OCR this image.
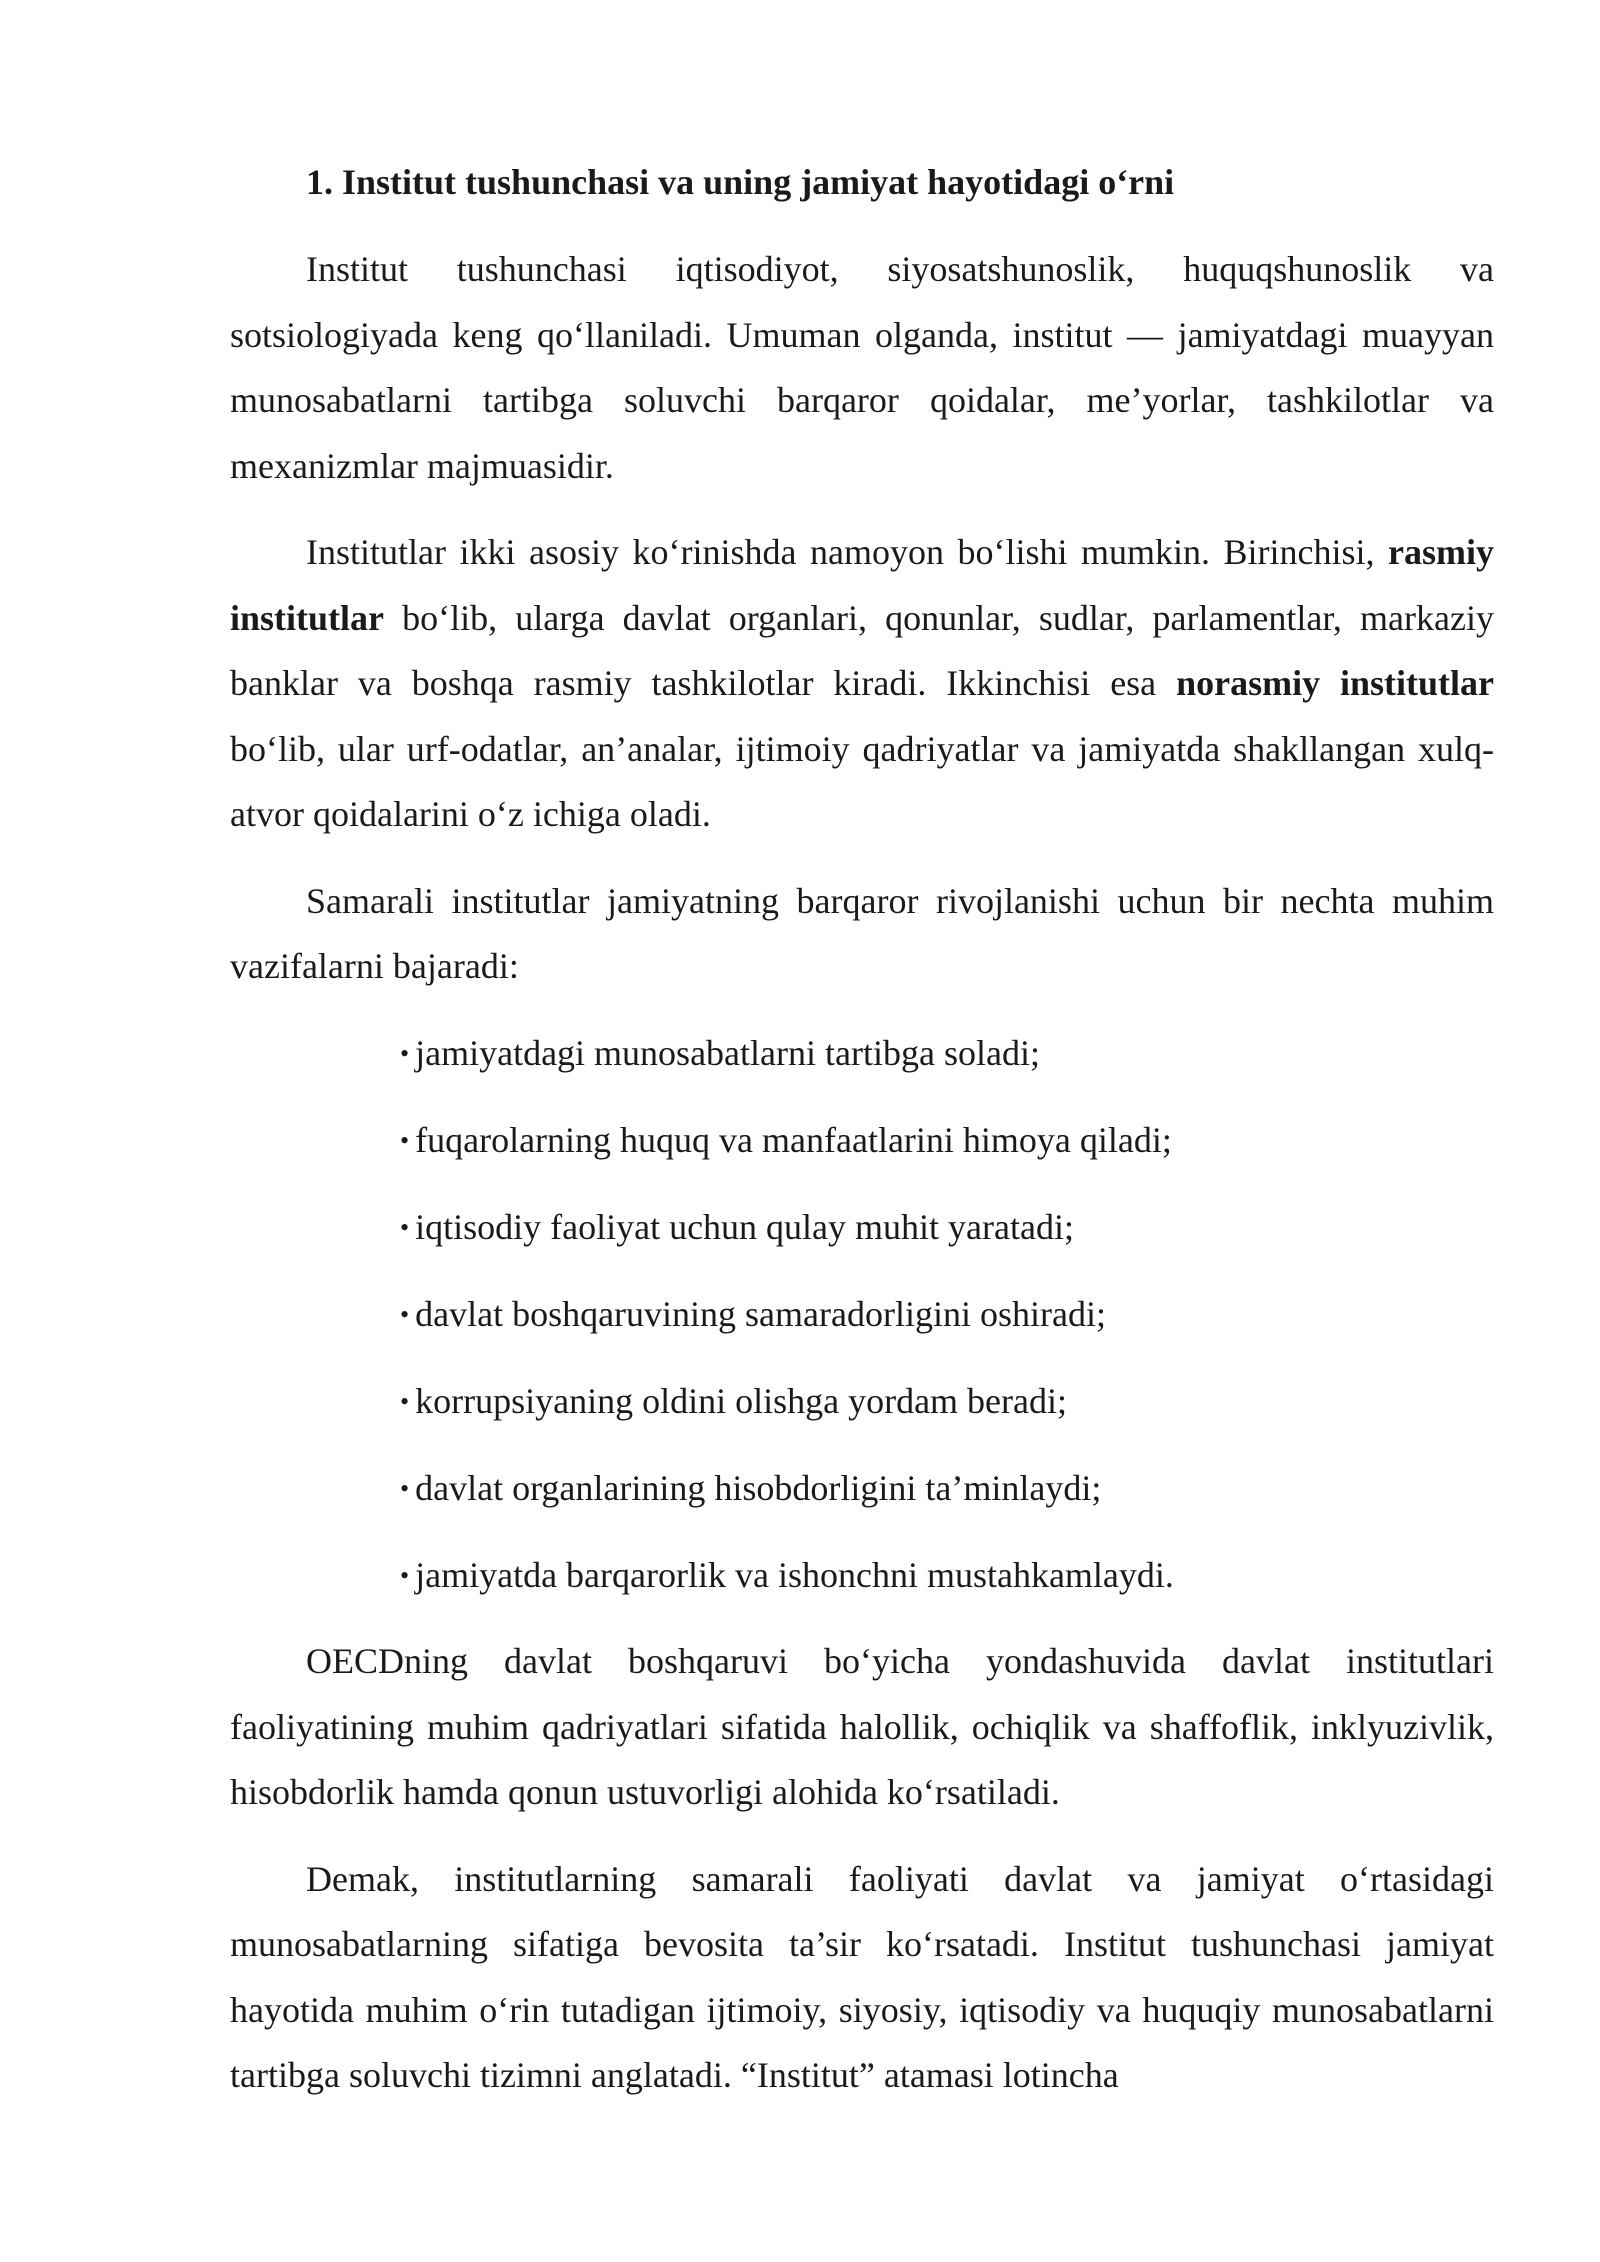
1. Institut tushunchasi va uning jamiyat hayotidagi o‘rni

Institut tushunchasi iqtisodiyot, siyosatshunoslik, huquqshunoslik va sotsiologiyada keng qo‘llaniladi. Umuman olganda, institut — jamiyatdagi muayyan munosabatlarni tartibga soluvchi barqaror qoidalar, me’yorlar, tashkilotlar va mexanizmlar majmuasidir.

Institutlar ikki asosiy ko‘rinishda namoyon bo‘lishi mumkin. Birinchisi, rasmiy institutlar bo‘lib, ularga davlat organlari, qonunlar, sudlar, parlamentlar, markaziy banklar va boshqa rasmiy tashkilotlar kiradi. Ikkinchisi esa norasmiy institutlar bo‘lib, ular urf-odatlar, an’analar, ijtimoiy qadriyatlar va jamiyatda shakllangan xulq-atvor qoidalarini o‘z ichiga oladi.

Samarali institutlar jamiyatning barqaror rivojlanishi uchun bir nechta muhim vazifalarni bajaradi:

• jamiyatdagi munosabatlarni tartibga soladi;
• fuqarolarning huquq va manfaatlarini himoya qiladi;
• iqtisodiy faoliyat uchun qulay muhit yaratadi;
• davlat boshqaruvining samaradorligini oshiradi;
• korrupsiyaning oldini olishga yordam beradi;
• davlat organlarining hisobdorligini ta’minlaydi;
• jamiyatda barqarorlik va ishonchni mustahkamlaydi.

OECDning davlat boshqaruvi bo‘yicha yondashuvida davlat institutlari faoliyatining muhim qadriyatlari sifatida halollik, ochiqlik va shaffoflik, inklyuzivlik, hisobdorlik hamda qonun ustuvorligi alohida ko‘rsatiladi.

Demak, institutlarning samarali faoliyati davlat va jamiyat o‘rtasidagi munosabatlarning sifatiga bevosita ta’sir ko‘rsatadi. Institut tushunchasi jamiyat hayotida muhim o‘rin tutadigan ijtimoiy, siyosiy, iqtisodiy va huquqiy munosabatlarni tartibga soluvchi tizimni anglatadi. “Institut” atamasi lotincha
